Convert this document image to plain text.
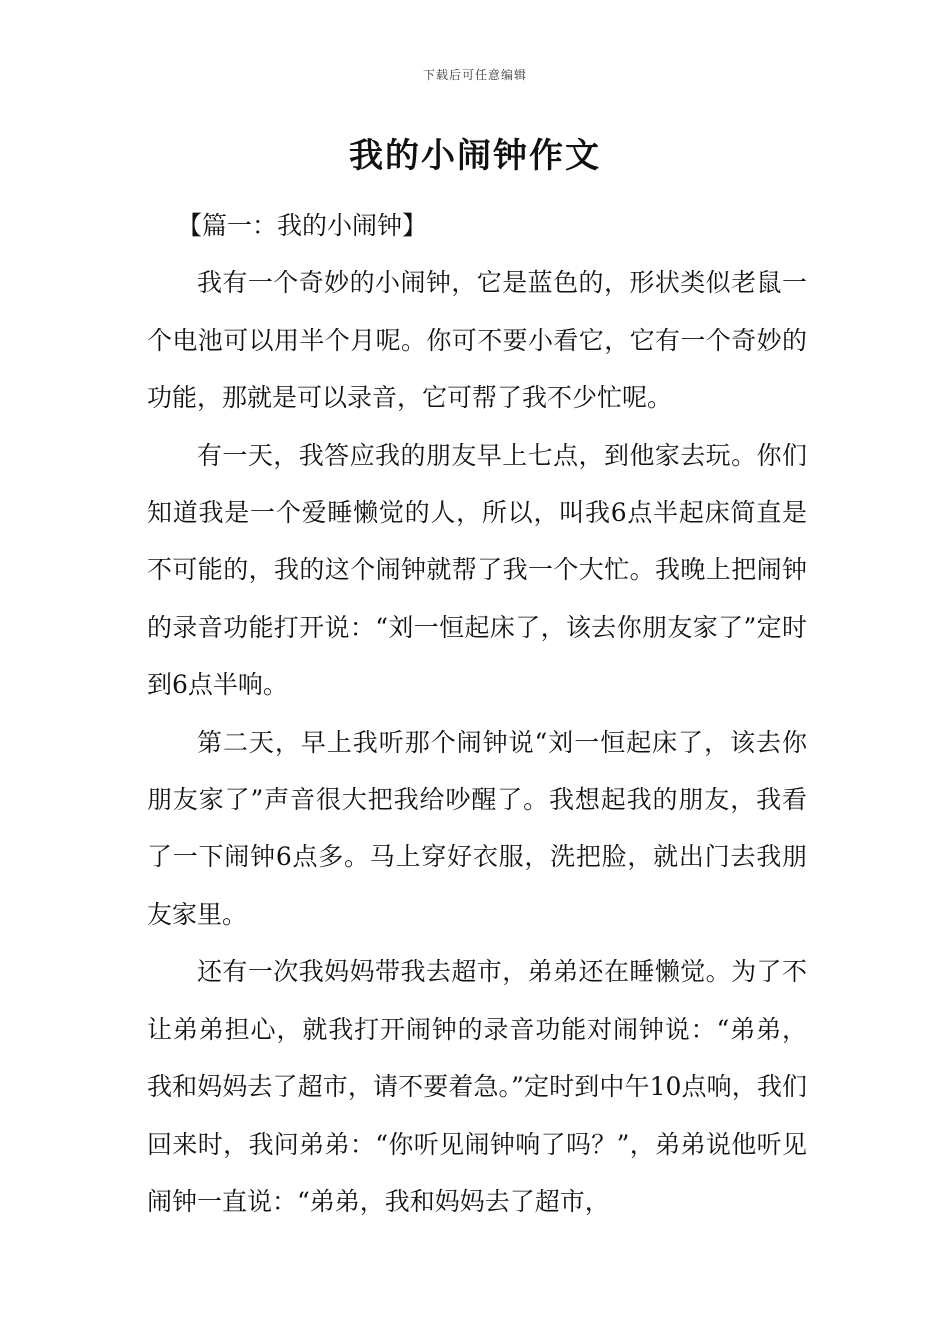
下载后可任意编辑
我的小闹钟作文

【篇一：我的小闹钟】

我有一个奇妙的小闹钟，它是蓝色的，形状类似老鼠一个电池可以用半个月呢。你可不要小看它，它有一个奇妙的功能，那就是可以录音，它可帮了我不少忙呢。

有一天，我答应我的朋友早上七点，到他家去玩。你们知道我是一个爱睡懒觉的人，所以，叫我6点半起床简直是不可能的，我的这个闹钟就帮了我一个大忙。我晚上把闹钟的录音功能打开说：“刘一恒起床了，该去你朋友家了”定时到6点半响。

第二天，早上我听那个闹钟说“刘一恒起床了，该去你朋友家了”声音很大把我给吵醒了。我想起我的朋友，我看了一下闹钟6点多。马上穿好衣服，洗把脸，就出门去我朋友家里。

还有一次我妈妈带我去超市，弟弟还在睡懒觉。为了不让弟弟担心，就我打开闹钟的录音功能对闹钟说：“弟弟，我和妈妈去了超市，请不要着急。”定时到中午10点响，我们回来时，我问弟弟：“你听见闹钟响了吗？”，弟弟说他听见闹钟一直说：“弟弟，我和妈妈去了超市，
